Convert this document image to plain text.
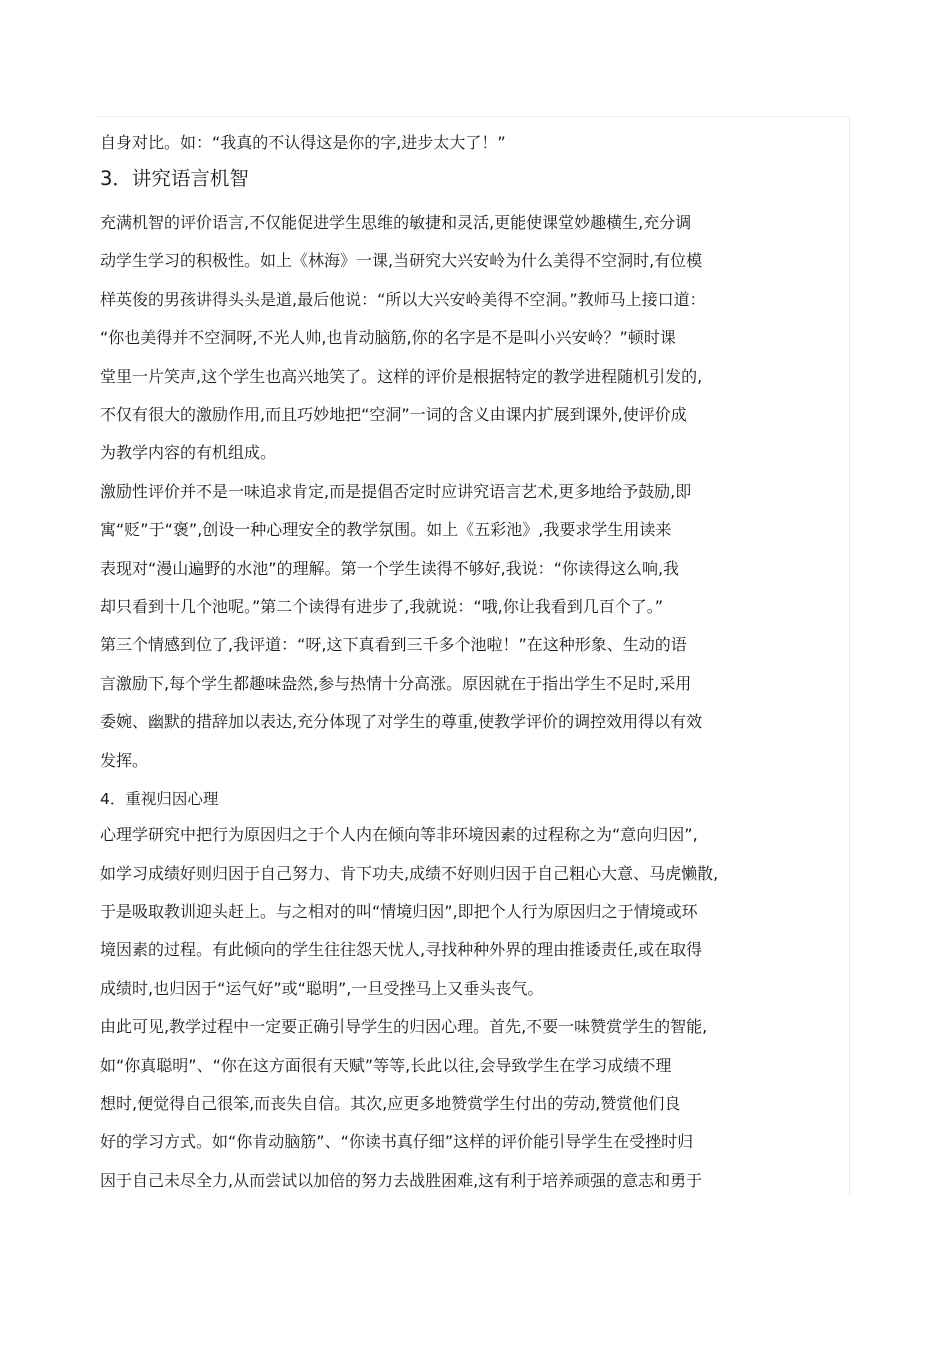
自身对比。如：“我真的不认得这是你的字,进步太大了！”
3．讲究语言机智
充满机智的评价语言,不仅能促进学生思维的敏捷和灵活,更能使课堂妙趣横生,充分调
动学生学习的积极性。如上《林海》一课,当研究大兴安岭为什么美得不空洞时,有位模
样英俊的男孩讲得头头是道,最后他说：“所以大兴安岭美得不空洞。”教师马上接口道：
“你也美得并不空洞呀,不光人帅,也肯动脑筋,你的名字是不是叫小兴安岭？”顿时课
堂里一片笑声,这个学生也高兴地笑了。这样的评价是根据特定的教学进程随机引发的,
不仅有很大的激励作用,而且巧妙地把“空洞”一词的含义由课内扩展到课外,使评价成
为教学内容的有机组成。
激励性评价并不是一味追求肯定,而是提倡否定时应讲究语言艺术,更多地给予鼓励,即
寓“贬”于“褒”,创设一种心理安全的教学氛围。如上《五彩池》,我要求学生用读来
表现对“漫山遍野的水池”的理解。第一个学生读得不够好,我说：“你读得这么响,我
却只看到十几个池呢。”第二个读得有进步了,我就说：“哦,你让我看到几百个了。”
第三个情感到位了,我评道：“呀,这下真看到三千多个池啦！”在这种形象、生动的语
言激励下,每个学生都趣味盎然,参与热情十分高涨。原因就在于指出学生不足时,采用
委婉、幽默的措辞加以表达,充分体现了对学生的尊重,使教学评价的调控效用得以有效
发挥。
4．重视归因心理
心理学研究中把行为原因归之于个人内在倾向等非环境因素的过程称之为“意向归因”,
如学习成绩好则归因于自己努力、肯下功夫,成绩不好则归因于自己粗心大意、马虎懒散,
于是吸取教训迎头赶上。与之相对的叫“情境归因”,即把个人行为原因归之于情境或环
境因素的过程。有此倾向的学生往往怨天忧人,寻找种种外界的理由推诿责任,或在取得
成绩时,也归因于“运气好”或“聪明”,一旦受挫马上又垂头丧气。
由此可见,教学过程中一定要正确引导学生的归因心理。首先,不要一味赞赏学生的智能,
如“你真聪明”、“你在这方面很有天赋”等等,长此以往,会导致学生在学习成绩不理
想时,便觉得自己很笨,而丧失自信。其次,应更多地赞赏学生付出的劳动,赞赏他们良
好的学习方式。如“你肯动脑筋”、“你读书真仔细”这样的评价能引导学生在受挫时归
因于自己未尽全力,从而尝试以加倍的努力去战胜困难,这有利于培养顽强的意志和勇于
